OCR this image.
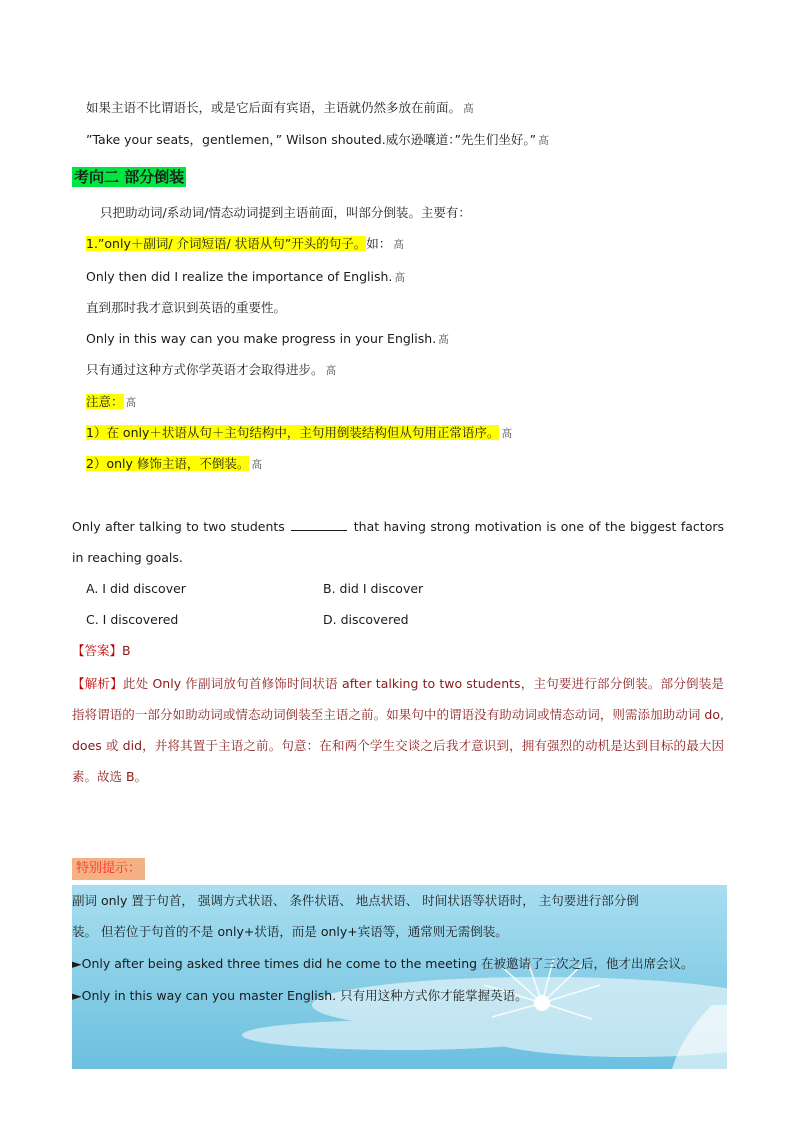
如果主语不比谓语长，或是它后面有宾语，主语就仍然多放在前面。 髙
”Take your seats，gentlemen，” Wilson shouted.威尔逊嚷道：”先生们坐好。” 髙
考向二 部分倒装
只把助动词/系动词/情态动词提到主语前面，叫部分倒装。主要有：
1.”only＋副词/ 介词短语/ 状语从句”开头的句子。如： 髙
Only then did I realize the importance of English. 髙
直到那时我才意识到英语的重要性。
Only in this way can you make progress in your English. 髙
只有通过这种方式你学英语才会取得进步。 髙
注意： 髙
1）在 only＋状语从句＋主句结构中，主句用倒装结构但从句用正常语序。 髙
2）only 修饰主语，不倒装。 髙
Only after talking to two students	that having strong motivation is one of the biggest factors in reaching goals.
A. I did discover	B. did I discover
C. I discovered	D. discovered
【答案】B
【解析】此处 Only 作副词放句首修饰时间状语 after talking to two students，主句要进行部分倒装。部分倒装是指将谓语的一部分如助动词或情态动词倒装至主语之前。如果句中的谓语没有助动词或情态动词，则需添加助动词 do, does 或 did，并将其置于主语之前。句意：在和两个学生交谈之后我才意识到，拥有强烈的动机是达到目标的最大因素。故选 B。
特别提示：
副词 only 置于句首， 强调方式状语、 条件状语、 地点状语、 时间状语等状语时， 主句要进行部分倒
装。 但若位于句首的不是 only+状语，而是 only+宾语等，通常则无需倒装。
►Only after being asked three times did he come to the meeting 在被邀请了三次之后，他才出席会议。
►Only in this way can you master English. 只有用这种方式你才能掌握英语。
